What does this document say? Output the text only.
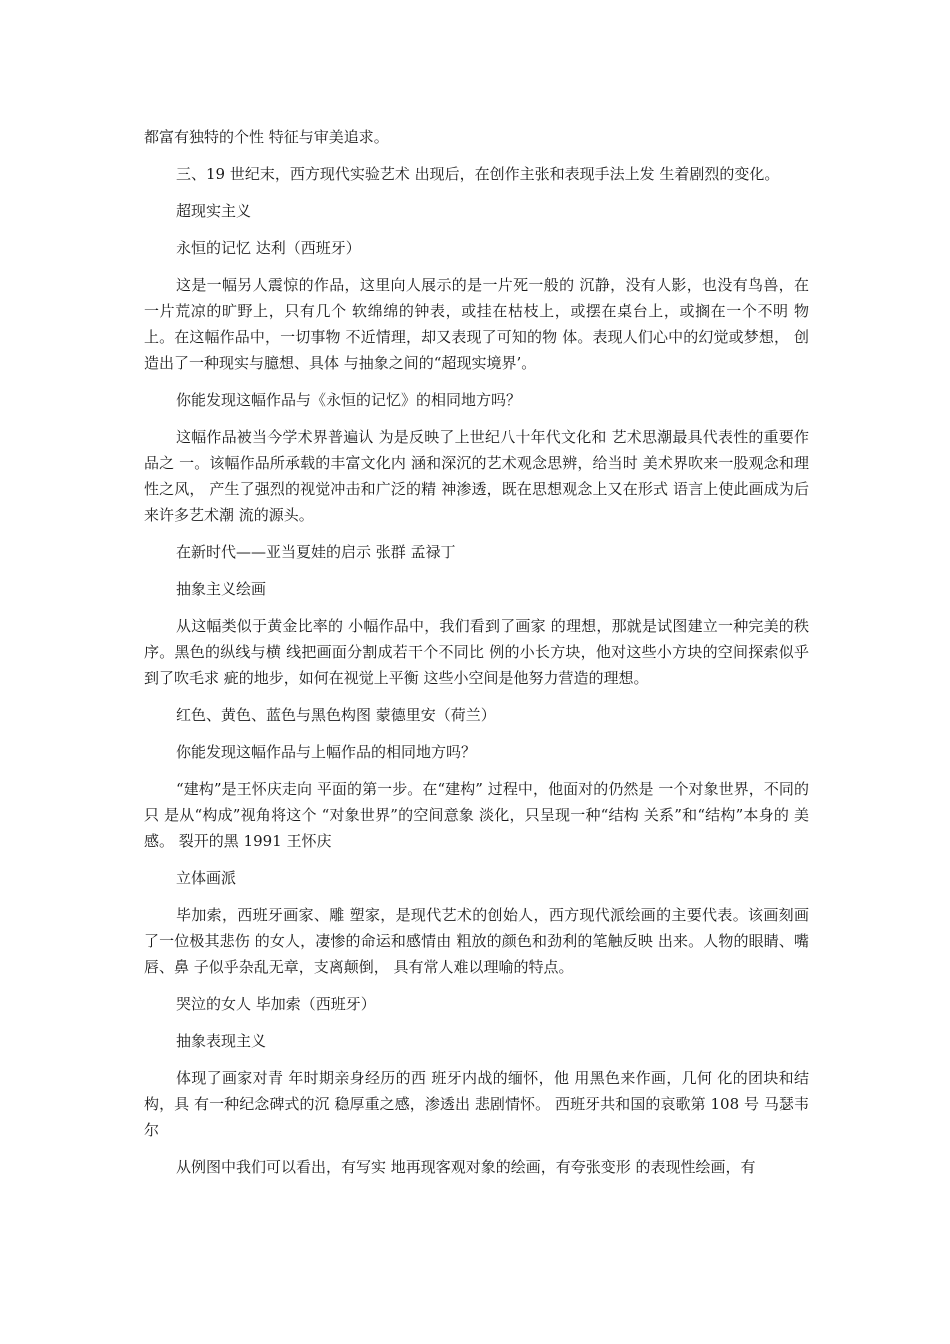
都富有独特的个性 特征与审美追求。

三、19 世纪末，西方现代实验艺术 出现后，在创作主张和表现手法上发 生着剧烈的变化。

超现实主义

永恒的记忆 达利（西班牙）

这是一幅另人震惊的作品，这里向人展示的是一片死一般的 沉静，没有人影，也没有鸟兽，在一片荒凉的旷野上，只有几个 软绵绵的钟表，或挂在枯枝上，或摆在桌台上，或搁在一个不明 物上。在这幅作品中，一切事物 不近情理，却又表现了可知的物 体。表现人们心中的幻觉或梦想， 创造出了一种现实与臆想、具体 与抽象之间的“超现实境界’。

你能发现这幅作品与《永恒的记忆》的相同地方吗？

这幅作品被当今学术界普遍认 为是反映了上世纪八十年代文化和 艺术思潮最具代表性的重要作品之 一。该幅作品所承载的丰富文化内 涵和深沉的艺术观念思辨，给当时 美术界吹来一股观念和理性之风， 产生了强烈的视觉冲击和广泛的精 神渗透，既在思想观念上又在形式 语言上使此画成为后来许多艺术潮 流的源头。

在新时代——亚当夏娃的启示 张群 孟禄丁

抽象主义绘画

从这幅类似于黄金比率的 小幅作品中，我们看到了画家 的理想，那就是试图建立一种完美的秩序。黑色的纵线与横 线把画面分割成若干个不同比 例的小长方块，他对这些小方块的空间探索似乎到了吹毛求 疵的地步，如何在视觉上平衡 这些小空间是他努力营造的理想。

红色、黄色、蓝色与黑色构图 蒙德里安（荷兰）

你能发现这幅作品与上幅作品的相同地方吗？

“建构”是王怀庆走向 平面的第一步。在“建构” 过程中，他面对的仍然是 一个对象世界，不同的只 是从“构成”视角将这个 “对象世界”的空间意象 淡化，只呈现一种“结构 关系”和“结构”本身的 美感。 裂开的黑 1991 王怀庆

立体画派

毕加索，西班牙画家、雕 塑家，是现代艺术的创始人，西方现代派绘画的主要代表。该画刻画了一位极其悲伤 的女人，凄惨的命运和感情由 粗放的颜色和劲利的笔触反映 出来。人物的眼睛、嘴唇、鼻 子似乎杂乱无章，支离颠倒， 具有常人难以理喻的特点。

哭泣的女人 毕加索（西班牙）

抽象表现主义

体现了画家对青 年时期亲身经历的西 班牙内战的缅怀，他 用黑色来作画，几何 化的团块和结构，具 有一种纪念碑式的沉 稳厚重之感，渗透出 悲剧情怀。 西班牙共和国的哀歌第 108 号 马瑟韦尔

从例图中我们可以看出，有写实 地再现客观对象的绘画，有夸张变形 的表现性绘画，有
